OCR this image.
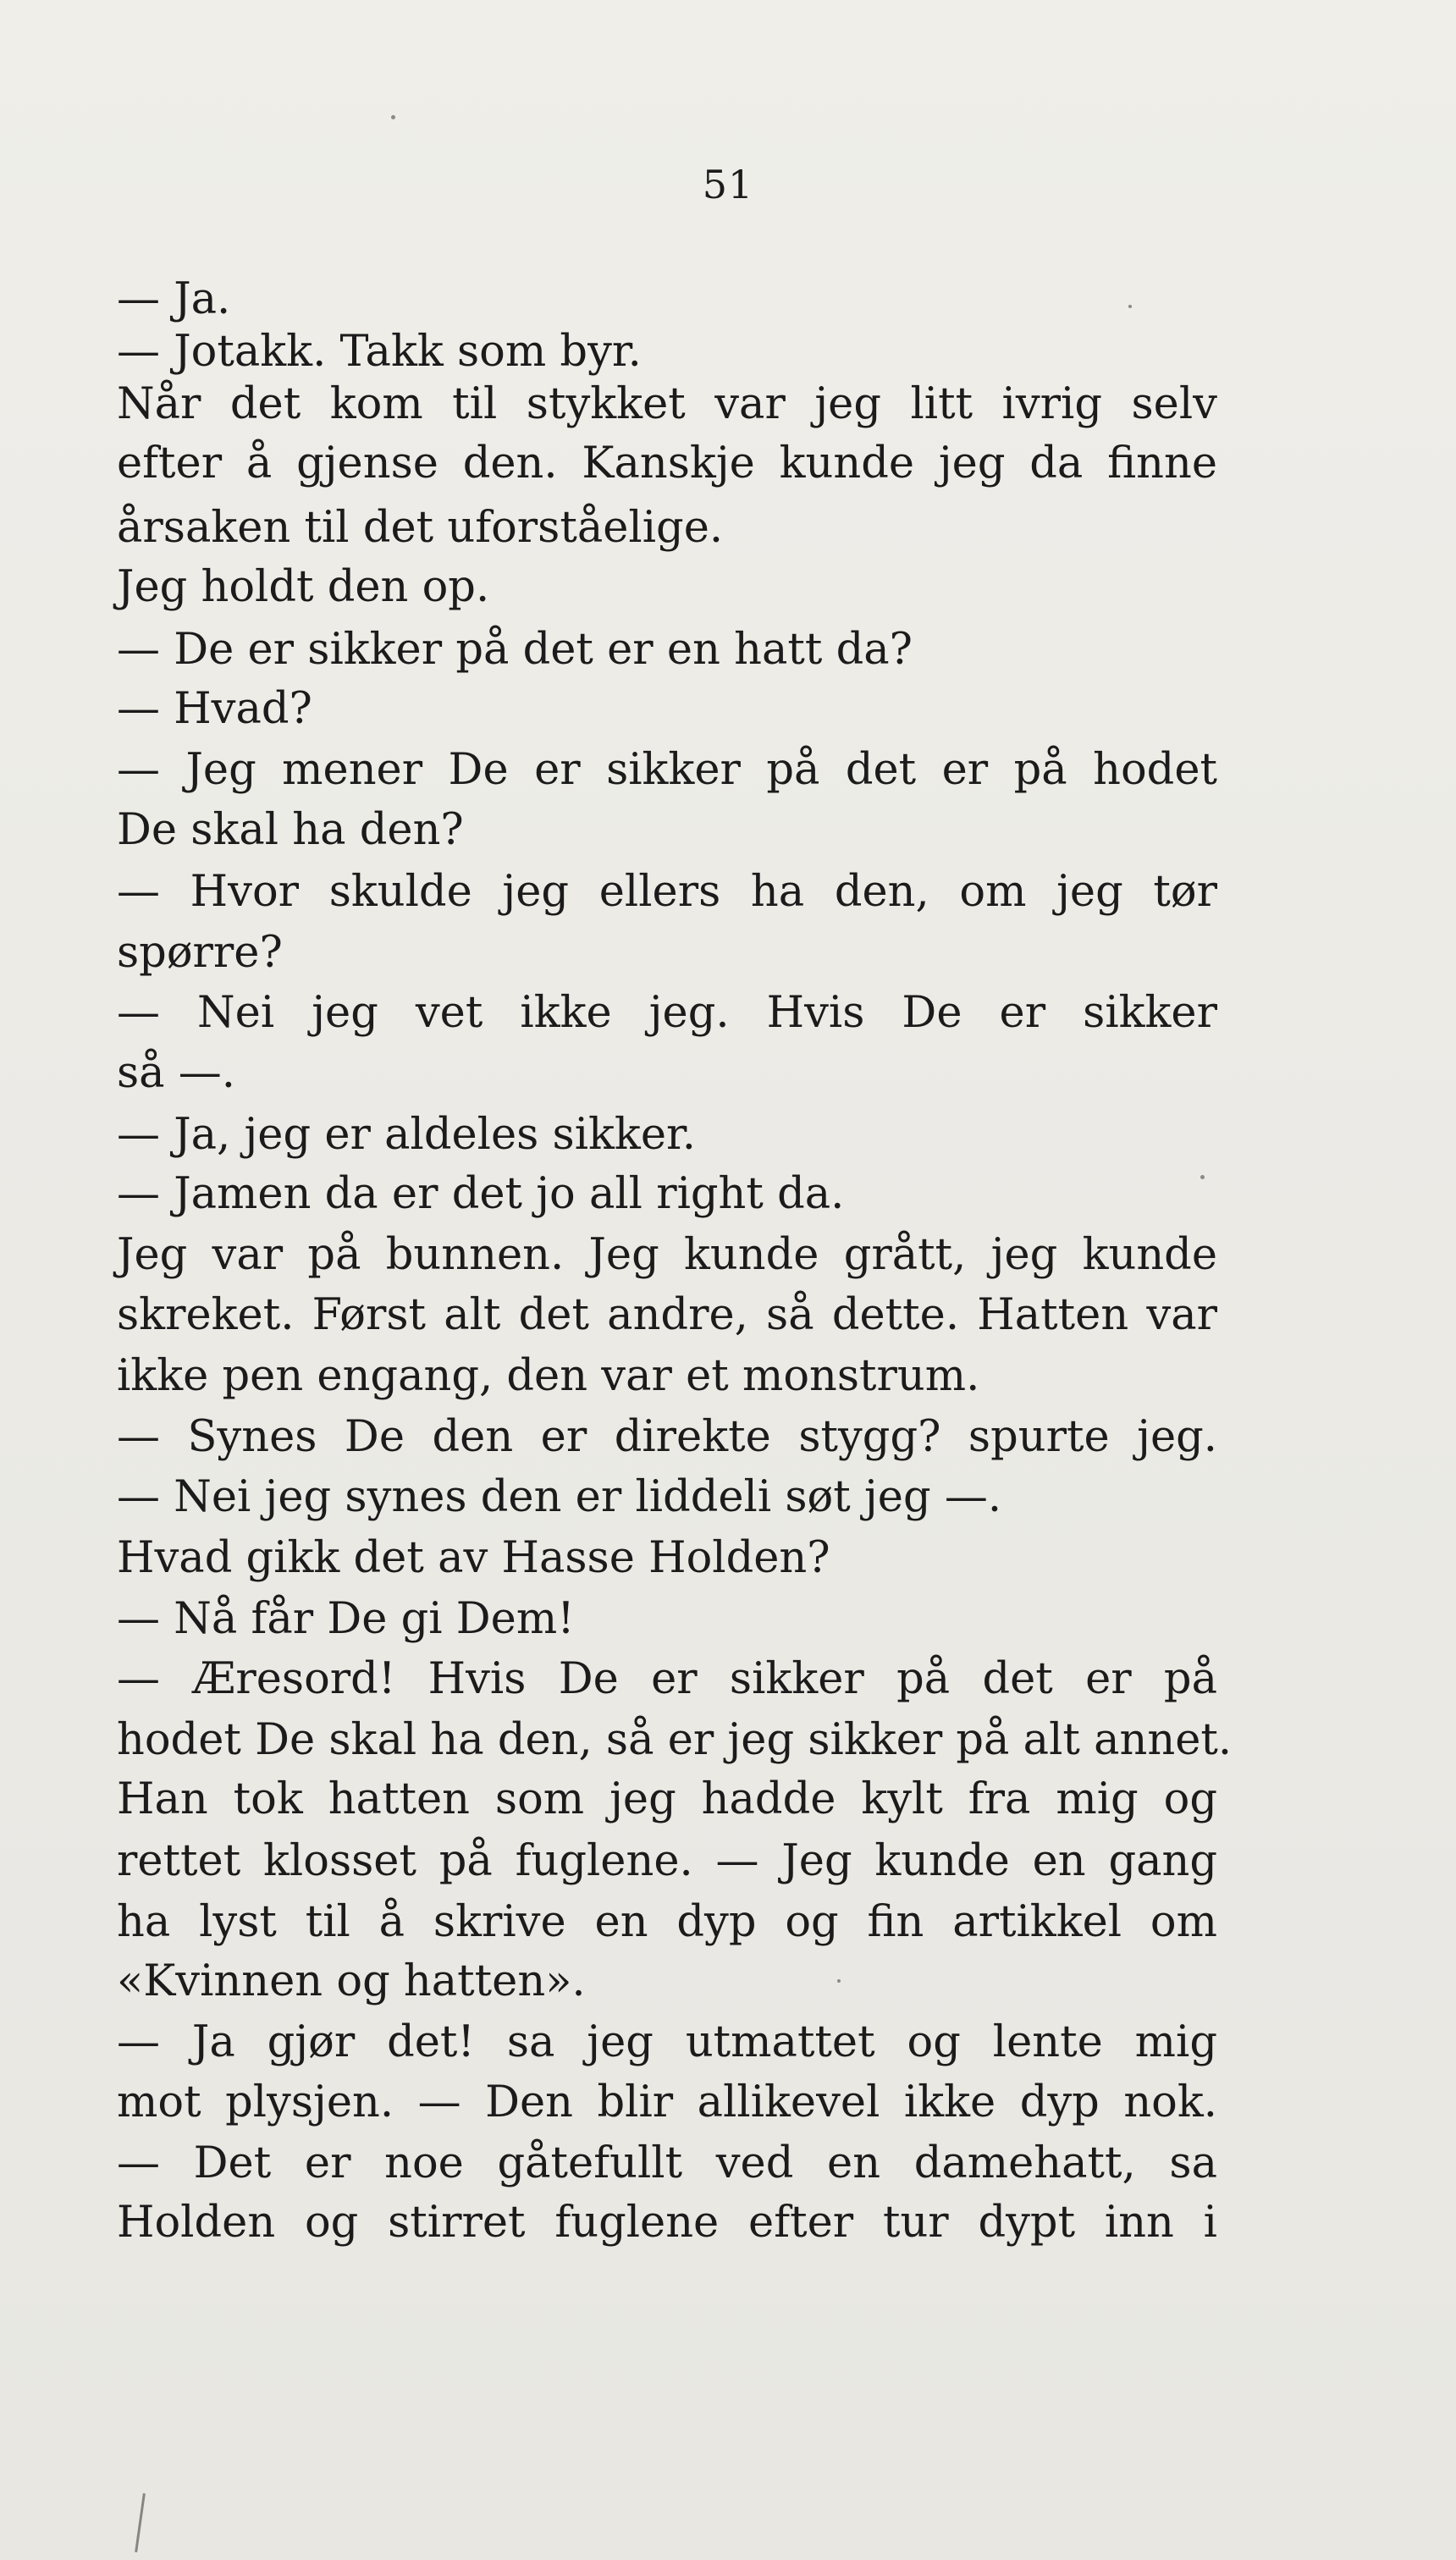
51
— Ja.
— Jotakk. Takk som byr.
Når det kom til stykket var jeg litt ivrig selv
efter å gjense den. Kanskje kunde jeg da finne
årsaken til det uforståelige.
Jeg holdt den op.
— De er sikker på det er en hatt da?
— Hvad?
— Jeg mener De er sikker på det er på hodet
De skal ha den?
— Hvor skulde jeg ellers ha den, om jeg tør
spørre?
— Nei jeg vet ikke jeg. Hvis De er sikker
så —.
— Ja, jeg er aldeles sikker.
— Jamen da er det jo all right da.
Jeg var på bunnen. Jeg kunde grått, jeg kunde
skreket. Først alt det andre, så dette. Hatten var
ikke pen engang, den var et monstrum.
— Synes De den er direkte stygg? spurte jeg.
— Nei jeg synes den er liddeli søt jeg —.
Hvad gikk det av Hasse Holden?
— Nå får De gi Dem!
— Æresord! Hvis De er sikker på det er på
hodet De skal ha den, så er jeg sikker på alt annet.
Han tok hatten som jeg hadde kylt fra mig og
rettet klosset på fuglene. — Jeg kunde en gang
ha lyst til å skrive en dyp og fin artikkel om
«Kvinnen og hatten».
— Ja gjør det! sa jeg utmattet og lente mig
mot plysjen. — Den blir allikevel ikke dyp nok.
— Det er noe gåtefullt ved en damehatt, sa
Holden og stirret fuglene efter tur dypt inn i
